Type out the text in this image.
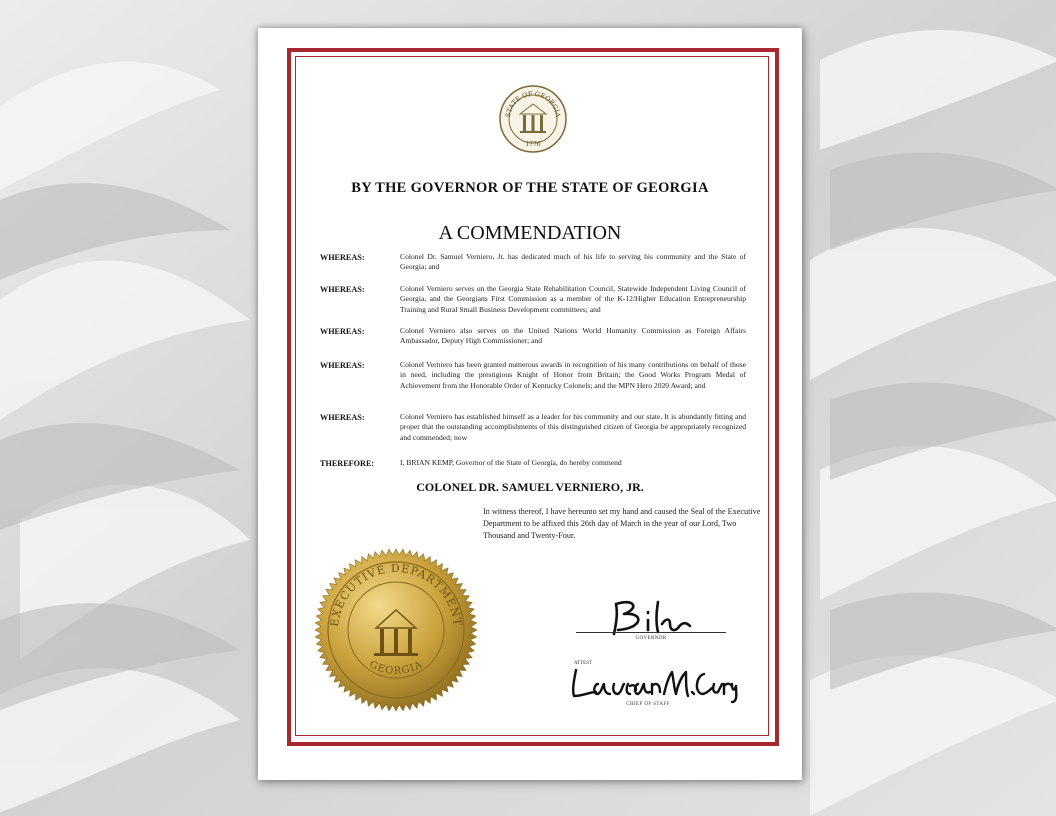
STATE OF GEORGIA
1776
BY THE GOVERNOR OF THE STATE OF GEORGIA
A COMMENDATION
WHEREAS:	Colonel Dr. Samuel Verniero, Jr. has dedicated much of his life to serving his community and the State of Georgia; and
WHEREAS:	Colonel Verniero serves on the Georgia State Rehabilitation Council, Statewide Independent Living Council of Georgia, and the Georgians First Commission as a member of the K-12/Higher Education Entrepreneurship Training and Rural Small Business Development committees; and
WHEREAS:	Colonel Verniero also serves on the United Nations World Humanity Commission as Foreign Affairs Ambassador, Deputy High Commissioner; and
WHEREAS:	Colonel Verniero has been granted numerous awards in recognition of his many contributions on behalf of those in need, including the prestigious Knight of Honor from Britain; the Good Works Program Medal of Achievement from the Honorable Order of Kentucky Colonels; and the MPN Hero 2020 Award; and
WHEREAS:	Colonel Verniero has established himself as a leader for his community and our state. It is abundantly fitting and proper that the outstanding accomplishments of this distinguished citizen of Georgia be appropriately recognized and commended; now
THEREFORE:	I, BRIAN KEMP, Governor of the State of Georgia, do hereby commend
COLONEL DR. SAMUEL VERNIERO, JR.
In witness thereof, I have hereunto set my hand and caused the Seal of the Executive Department to be affixed this 26th day of March in the year of our Lord, Two Thousand and Twenty-Four.
EXECUTIVE DEPARTMENT
GEORGIA
GOVERNOR
ATTEST
CHIEF OF STAFF
